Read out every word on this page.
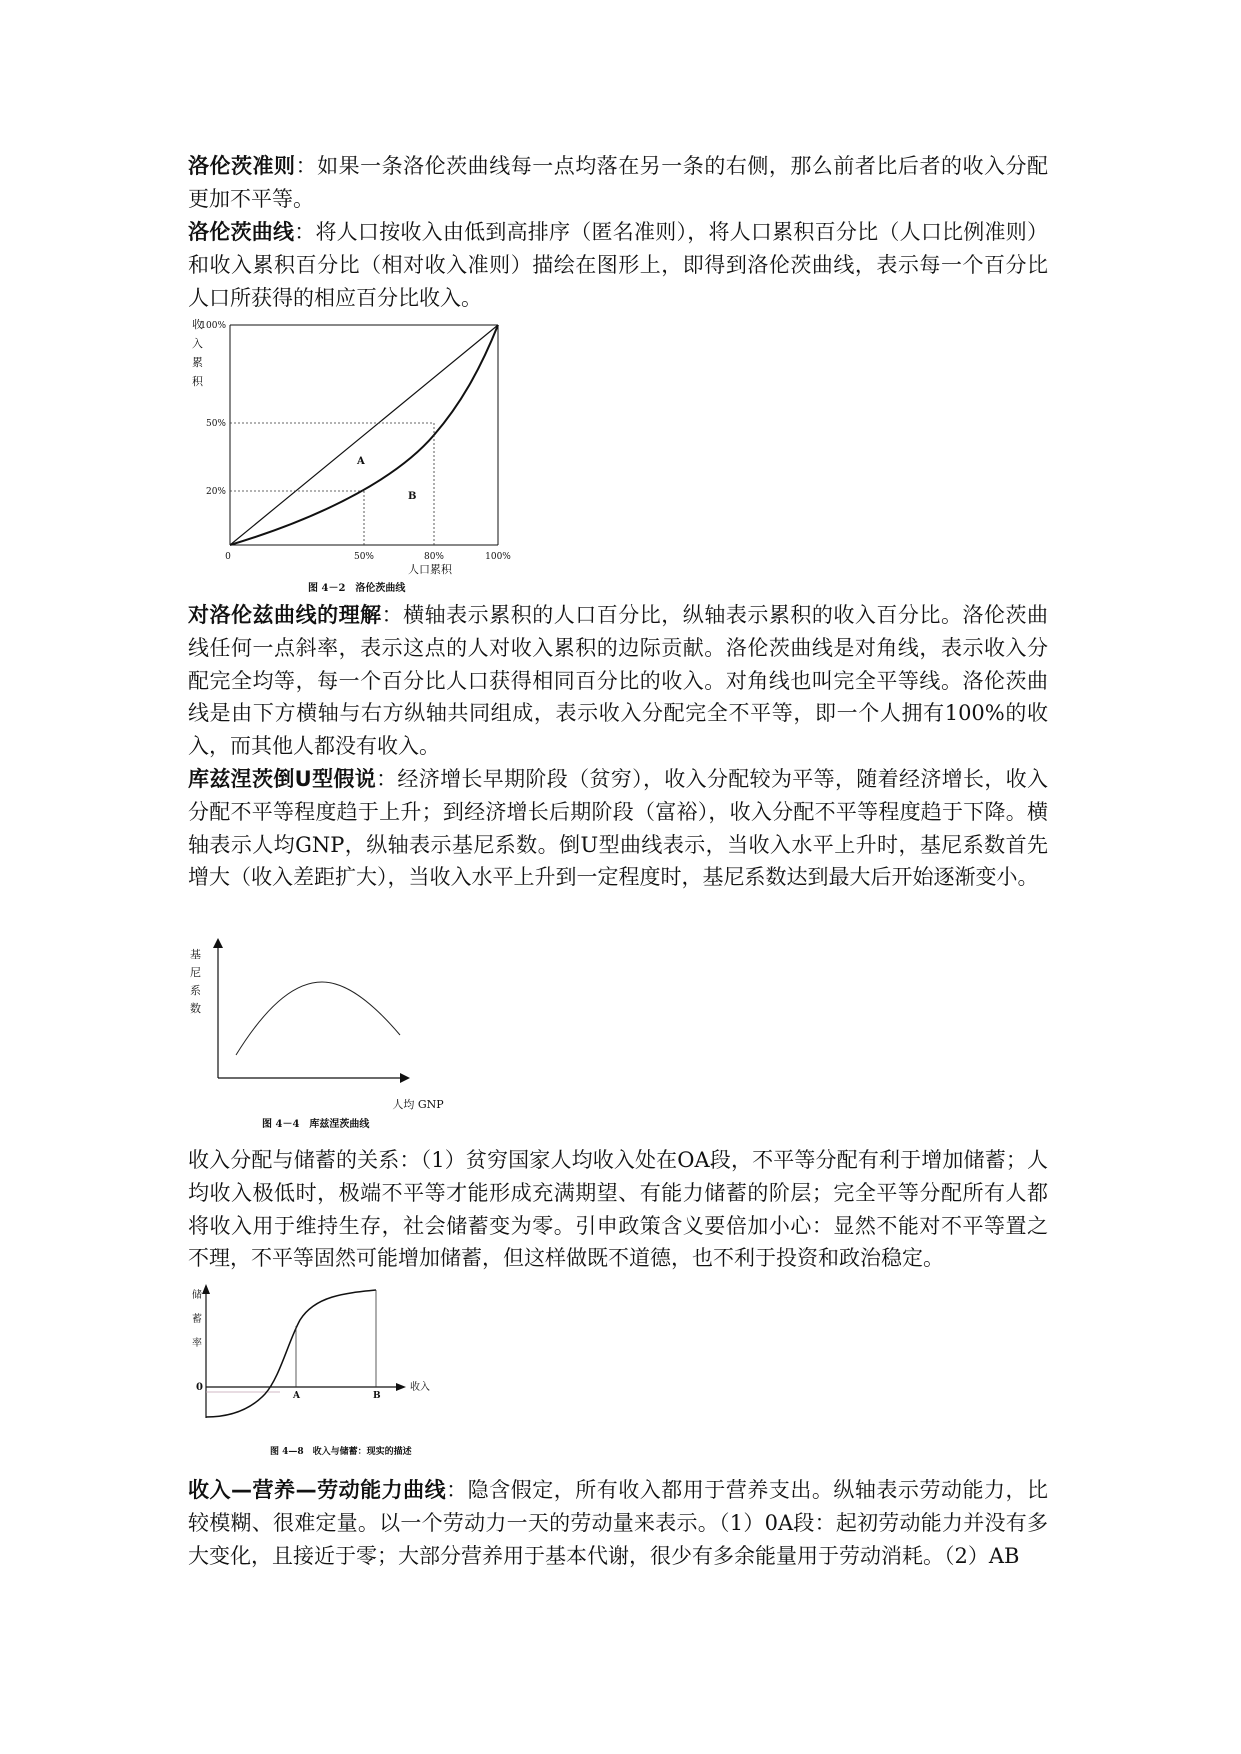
洛伦茨准则：如果一条洛伦茨曲线每一点均落在另一条的右侧，那么前者比后者的收入分配更加不平等。

洛伦茨曲线：将人口按收入由低到高排序（匿名准则），将人口累积百分比（人口比例准则）和收入累积百分比（相对收入准则）描绘在图形上，即得到洛伦茨曲线，表示每一个百分比人口所获得的相应百分比收入。

收
入
累
积
100%
50%
20%
0	50%	80%	100%
A
B
人口累积
图 4－2　洛伦茨曲线

对洛伦兹曲线的理解：横轴表示累积的人口百分比，纵轴表示累积的收入百分比。洛伦茨曲线任何一点斜率，表示这点的人对收入累积的边际贡献。洛伦茨曲线是对角线，表示收入分配完全均等，每一个百分比人口获得相同百分比的收入。对角线也叫完全平等线。洛伦茨曲线是由下方横轴与右方纵轴共同组成，表示收入分配完全不平等，即一个人拥有100%的收入，而其他人都没有收入。

库兹涅茨倒U型假说：经济增长早期阶段（贫穷），收入分配较为平等，随着经济增长，收入分配不平等程度趋于上升；到经济增长后期阶段（富裕），收入分配不平等程度趋于下降。横轴表示人均GNP，纵轴表示基尼系数。倒U型曲线表示，当收入水平上升时，基尼系数首先增大（收入差距扩大），当收入水平上升到一定程度时，基尼系数达到最大后开始逐渐变小。

基
尼
系
数
人均 GNP
图 4－4　库兹涅茨曲线

收入分配与储蓄的关系：（1）贫穷国家人均收入处在OA段，不平等分配有利于增加储蓄；人均收入极低时，极端不平等才能形成充满期望、有能力储蓄的阶层；完全平等分配所有人都将收入用于维持生存，社会储蓄变为零。引申政策含义要倍加小心：显然不能对不平等置之不理，不平等固然可能增加储蓄，但这样做既不道德，也不利于投资和政治稳定。

储
蓄
率
0
A	B
收入
图 4—8　收入与储蓄：现实的描述

收入—营养—劳动能力曲线：隐含假定，所有收入都用于营养支出。纵轴表示劳动能力，比较模糊、很难定量。以一个劳动力一天的劳动量来表示。（1）0A段：起初劳动能力并没有多大变化，且接近于零；大部分营养用于基本代谢，很少有多余能量用于劳动消耗。（2）AB
